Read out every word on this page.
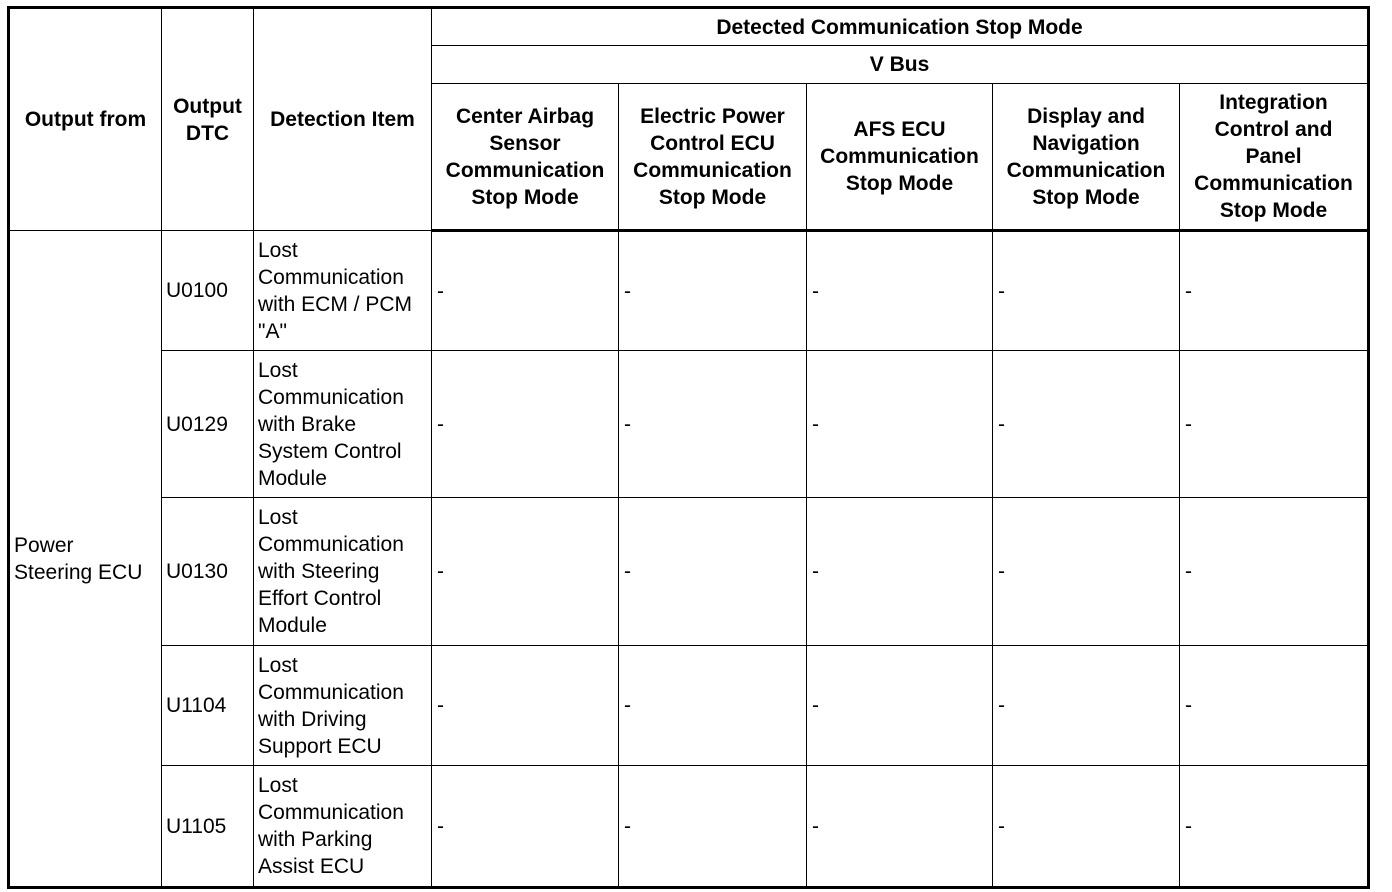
Output from	Output DTC	Detection Item	Detected Communication Stop Mode				
			V Bus				
			Center Airbag Sensor Communication Stop Mode	Electric Power Control ECU Communication Stop Mode	AFS ECU Communication Stop Mode	Display and Navigation Communication Stop Mode	Integration Control and Panel Communication Stop Mode
Power Steering ECU	U0100	Lost
Communication
with ECM / PCM
"A"	-	-	-	-	-
	U0129	Lost
Communication
with Brake
System Control
Module	-	-	-	-	-
	U0130	Lost
Communication
with Steering
Effort Control
Module	-	-	-	-	-
	U1104	Lost
Communication
with Driving
Support ECU	-	-	-	-	-
	U1105	Lost
Communication
with Parking
Assist ECU	-	-	-	-	-
